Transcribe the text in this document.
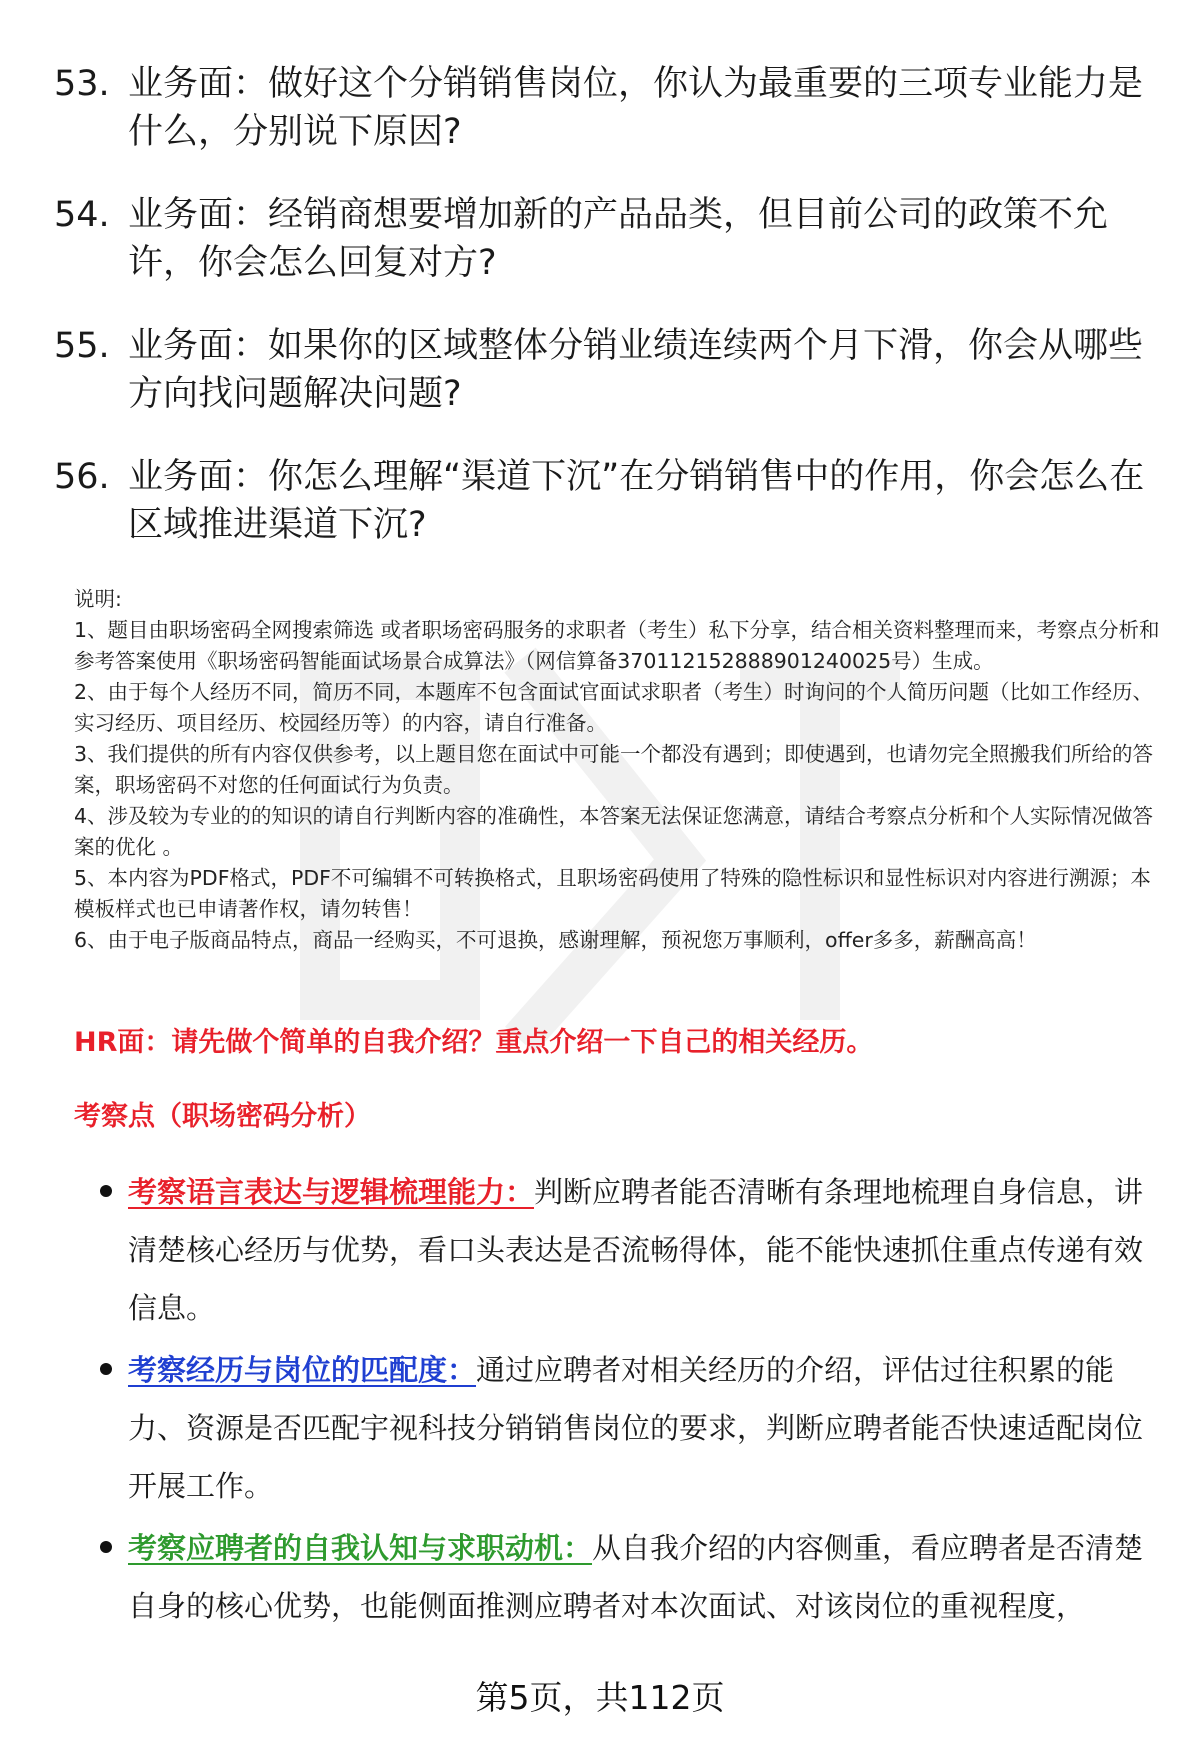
53. 业务面：做好这个分销销售岗位，你认为最重要的三项专业能力是什么，分别说下原因?
54. 业务面：经销商想要增加新的产品品类，但目前公司的政策不允许，你会怎么回复对方?
55. 业务面：如果你的区域整体分销业绩连续两个月下滑，你会从哪些方向找问题解决问题?
56. 业务面：你怎么理解“渠道下沉”在分销销售中的作用，你会怎么在区域推进渠道下沉?

说明:

1、题目由职场密码全网搜索筛选 或者职场密码服务的求职者（考生）私下分享，结合相关资料整理而来，考察点分析和参考答案使用《职场密码智能面试场景合成算法》（网信算备370112152888901240025号）生成。

2、由于每个人经历不同，简历不同，本题库不包含面试官面试求职者（考生）时询问的个人简历问题（比如工作经历、实习经历、项目经历、校园经历等）的内容，请自行准备。

3、我们提供的所有内容仅供参考，以上题目您在面试中可能一个都没有遇到；即使遇到，也请勿完全照搬我们所给的答案，职场密码不对您的任何面试行为负责。

4、涉及较为专业的的知识的请自行判断内容的准确性，本答案无法保证您满意，请结合考察点分析和个人实际情况做答案的优化 。

5、本内容为PDF格式，PDF不可编辑不可转换格式，且职场密码使用了特殊的隐性标识和显性标识对内容进行溯源；本模板样式也已申请著作权，请勿转售！

6、由于电子版商品特点，商品一经购买，不可退换，感谢理解，预祝您万事顺利，offer多多，薪酬高高！

HR面：请先做个简单的自我介绍？重点介绍一下自己的相关经历。
考察点（职场密码分析）
考察语言表达与逻辑梳理能力：判断应聘者能否清晰有条理地梳理自身信息，讲清楚核心经历与优势，看口头表达是否流畅得体，能不能快速抓住重点传递有效信息。
考察经历与岗位的匹配度：通过应聘者对相关经历的介绍，评估过往积累的能力、资源是否匹配宇视科技分销销售岗位的要求，判断应聘者能否快速适配岗位开展工作。
考察应聘者的自我认知与求职动机：从自我介绍的内容侧重，看应聘者是否清楚自身的核心优势，也能侧面推测应聘者对本次面试、对该岗位的重视程度，
第5页，共112页
